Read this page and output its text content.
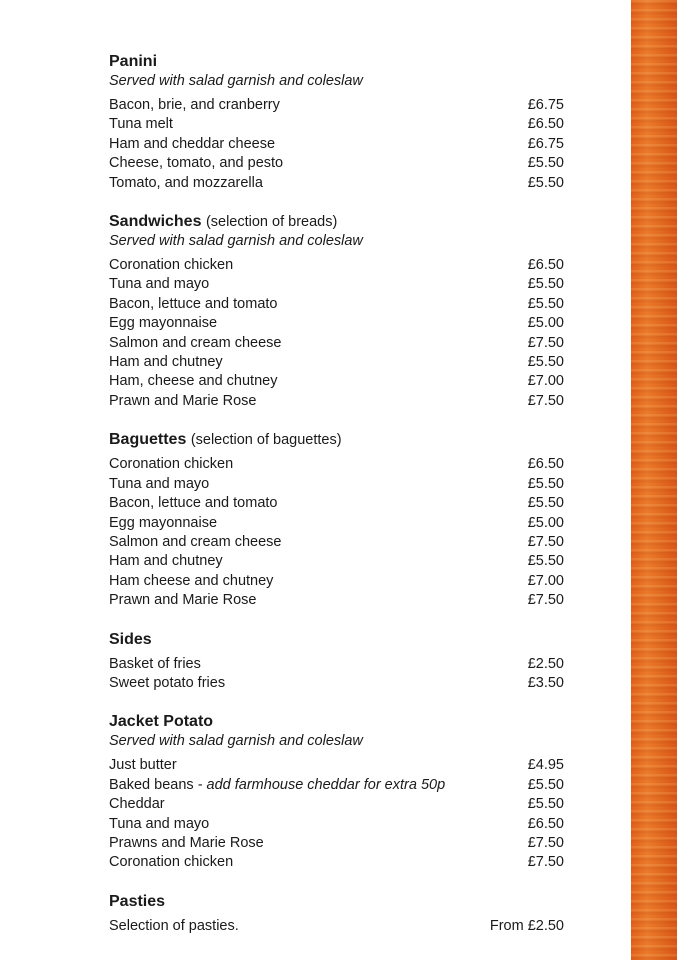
Panini
Served with salad garnish and coleslaw
Bacon, brie, and cranberry	£6.75
Tuna melt	£6.50
Ham and cheddar cheese	£6.75
Cheese, tomato, and pesto	£5.50
Tomato, and mozzarella	£5.50
Sandwiches (selection of breads)
Served with salad garnish and coleslaw
Coronation chicken	£6.50
Tuna and mayo	£5.50
Bacon, lettuce and tomato	£5.50
Egg mayonnaise	£5.00
Salmon and cream cheese	£7.50
Ham and chutney	£5.50
Ham, cheese and chutney	£7.00
Prawn and Marie Rose	£7.50
Baguettes (selection of baguettes)
Coronation chicken	£6.50
Tuna and mayo	£5.50
Bacon, lettuce and tomato	£5.50
Egg mayonnaise	£5.00
Salmon and cream cheese	£7.50
Ham and chutney	£5.50
Ham cheese and chutney	£7.00
Prawn and Marie Rose	£7.50
Sides
Basket of fries	£2.50
Sweet potato fries	£3.50
Jacket Potato
Served with salad garnish and coleslaw
Just butter	£4.95
Baked beans - add farmhouse cheddar for extra 50p	£5.50
Cheddar	£5.50
Tuna and mayo	£6.50
Prawns and Marie Rose	£7.50
Coronation chicken	£7.50
Pasties
Selection of pasties.	From £2.50
